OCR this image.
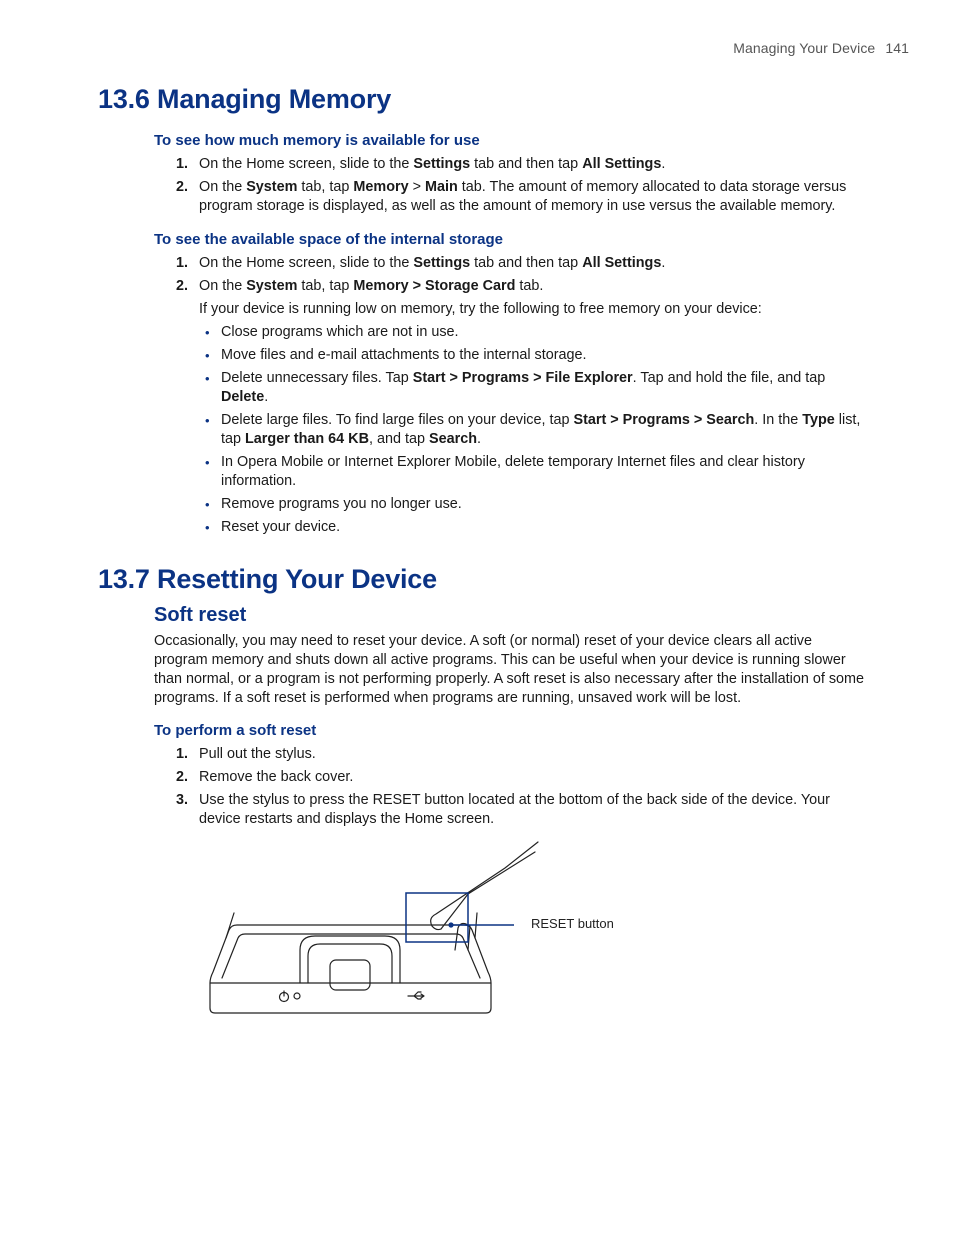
Managing Your Device 141
13.6 Managing Memory
To see how much memory is available for use
1. On the Home screen, slide to the Settings tab and then tap All Settings.
2. On the System tab, tap Memory > Main tab. The amount of memory allocated to data storage versus program storage is displayed, as well as the amount of memory in use versus the available memory.
To see the available space of the internal storage
1. On the Home screen, slide to the Settings tab and then tap All Settings.
2. On the System tab, tap Memory > Storage Card tab.

If your device is running low on memory, try the following to free memory on your device:

• Close programs which are not in use.
• Move files and e-mail attachments to the internal storage.
• Delete unnecessary files. Tap Start > Programs > File Explorer. Tap and hold the file, and tap Delete.
• Delete large files. To find large files on your device, tap Start > Programs > Search. In the Type list, tap Larger than 64 KB, and tap Search.
• In Opera Mobile or Internet Explorer Mobile, delete temporary Internet files and clear history information.
• Remove programs you no longer use.
• Reset your device.
13.7 Resetting Your Device
Soft reset

Occasionally, you may need to reset your device. A soft (or normal) reset of your device clears all active program memory and shuts down all active programs. This can be useful when your device is running slower than normal, or a program is not performing properly. A soft reset is also necessary after the installation of some programs. If a soft reset is performed when programs are running, unsaved work will be lost.

To perform a soft reset
1. Pull out the stylus.
2. Remove the back cover.
3. Use the stylus to press the RESET button located at the bottom of the back side of the device. Your device restarts and displays the Home screen.
RESET button
